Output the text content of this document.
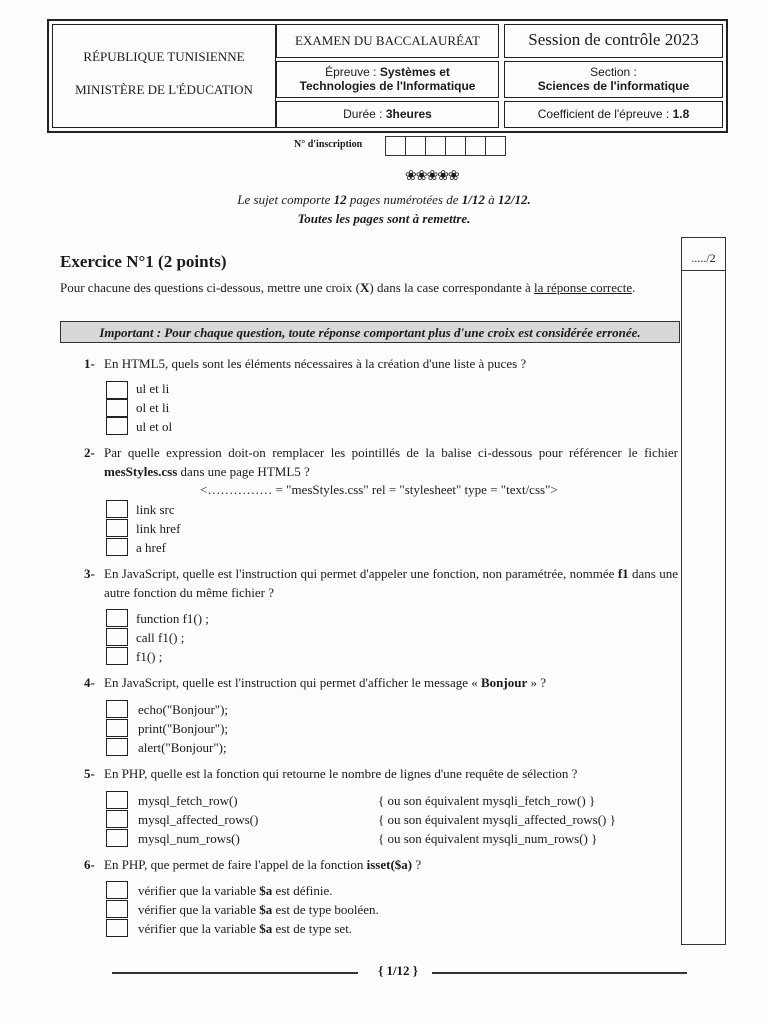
RÉPUBLIQUE TUNISIENNE
MINISTÈRE DE L'ÉDUCATION
EXAMEN DU BACCALAURÉAT
Épreuve : Systèmes et
Technologies de l'Informatique
Durée : 3heures
Session de contrôle 2023
Section :
Sciences de l'informatique
Coefficient de l'épreuve : 1.8
N° d'inscription
❀❀❀❀❀
Le sujet comporte 12 pages numérotées de 1/12 à 12/12.
Toutes les pages sont à remettre.
...../2
Exercice N°1 (2 points)
Pour chacune des questions ci-dessous, mettre une croix (X) dans la case correspondante à la réponse correcte.
Important : Pour chaque question, toute réponse comportant plus d'une croix est considérée erronée.
1- En HTML5, quels sont les éléments nécessaires à la création d'une liste à puces ?
ul et li
ol et li
ul et ol
2- Par quelle expression doit-on remplacer les pointillés de la balise ci-dessous pour référencer le fichier mesStyles.css dans une page HTML5 ?
<…………… = "mesStyles.css" rel = "stylesheet" type = "text/css">
link src
link href
a href
3- En JavaScript, quelle est l'instruction qui permet d'appeler une fonction, non paramétrée, nommée f1 dans une autre fonction du même fichier ?
function f1() ;
call f1() ;
f1() ;
4- En JavaScript, quelle est l'instruction qui permet d'afficher le message « Bonjour » ?
echo("Bonjour");
print("Bonjour");
alert("Bonjour");
5- En PHP, quelle est la fonction qui retourne le nombre de lignes d'une requête de sélection ?
mysql_fetch_row()
mysql_affected_rows()
mysql_num_rows()
{ ou son équivalent mysqli_fetch_row() }
{ ou son équivalent mysqli_affected_rows() }
{ ou son équivalent mysqli_num_rows() }
6- En PHP, que permet de faire l'appel de la fonction isset($a) ?
vérifier que la variable $a est définie.
vérifier que la variable $a est de type booléen.
vérifier que la variable $a est de type set.
{ 1/12 }
